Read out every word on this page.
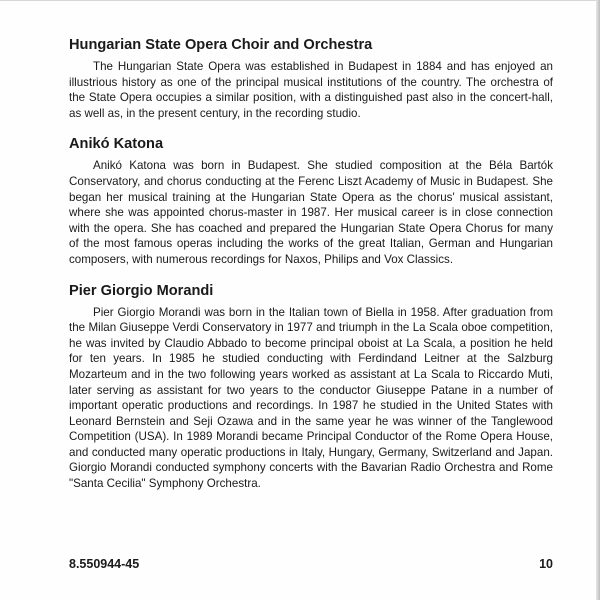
Hungarian State Opera Choir and Orchestra

The Hungarian State Opera was established in Budapest in 1884 and has enjoyed an illustrious history as one of the principal musical institutions of the country. The orchestra of the State Opera occupies a similar position, with a distinguished past also in the concert-hall, as well as, in the present century, in the recording studio.

Anikó Katona

Anikó Katona was born in Budapest. She studied composition at the Béla Bartók Conservatory, and chorus conducting at the Ferenc Liszt Academy of Music in Budapest. She began her musical training at the Hungarian State Opera as the chorus' musical assistant, where she was appointed chorus-master in 1987. Her musical career is in close connection with the opera. She has coached and prepared the Hungarian State Opera Chorus for many of the most famous operas including the works of the great Italian, German and Hungarian composers, with numerous recordings for Naxos, Philips and Vox Classics.

Pier Giorgio Morandi

Pier Giorgio Morandi was born in the Italian town of Biella in 1958. After graduation from the Milan Giuseppe Verdi Conservatory in 1977 and triumph in the La Scala oboe competition, he was invited by Claudio Abbado to become principal oboist at La Scala, a position he held for ten years. In 1985 he studied conducting with Ferdindand Leitner at the Salzburg Mozarteum and in the two following years worked as assistant at La Scala to Riccardo Muti, later serving as assistant for two years to the conductor Giuseppe Patane in a number of important operatic productions and recordings. In 1987 he studied in the United States with Leonard Bernstein and Seji Ozawa and in the same year he was winner of the Tanglewood Competition (USA). In 1989 Morandi became Principal Conductor of the Rome Opera House, and conducted many operatic productions in Italy, Hungary, Germany, Switzerland and Japan. Giorgio Morandi conducted symphony concerts with the Bavarian Radio Orchestra and Rome "Santa Cecilia" Symphony Orchestra.

8.550944-45	10
